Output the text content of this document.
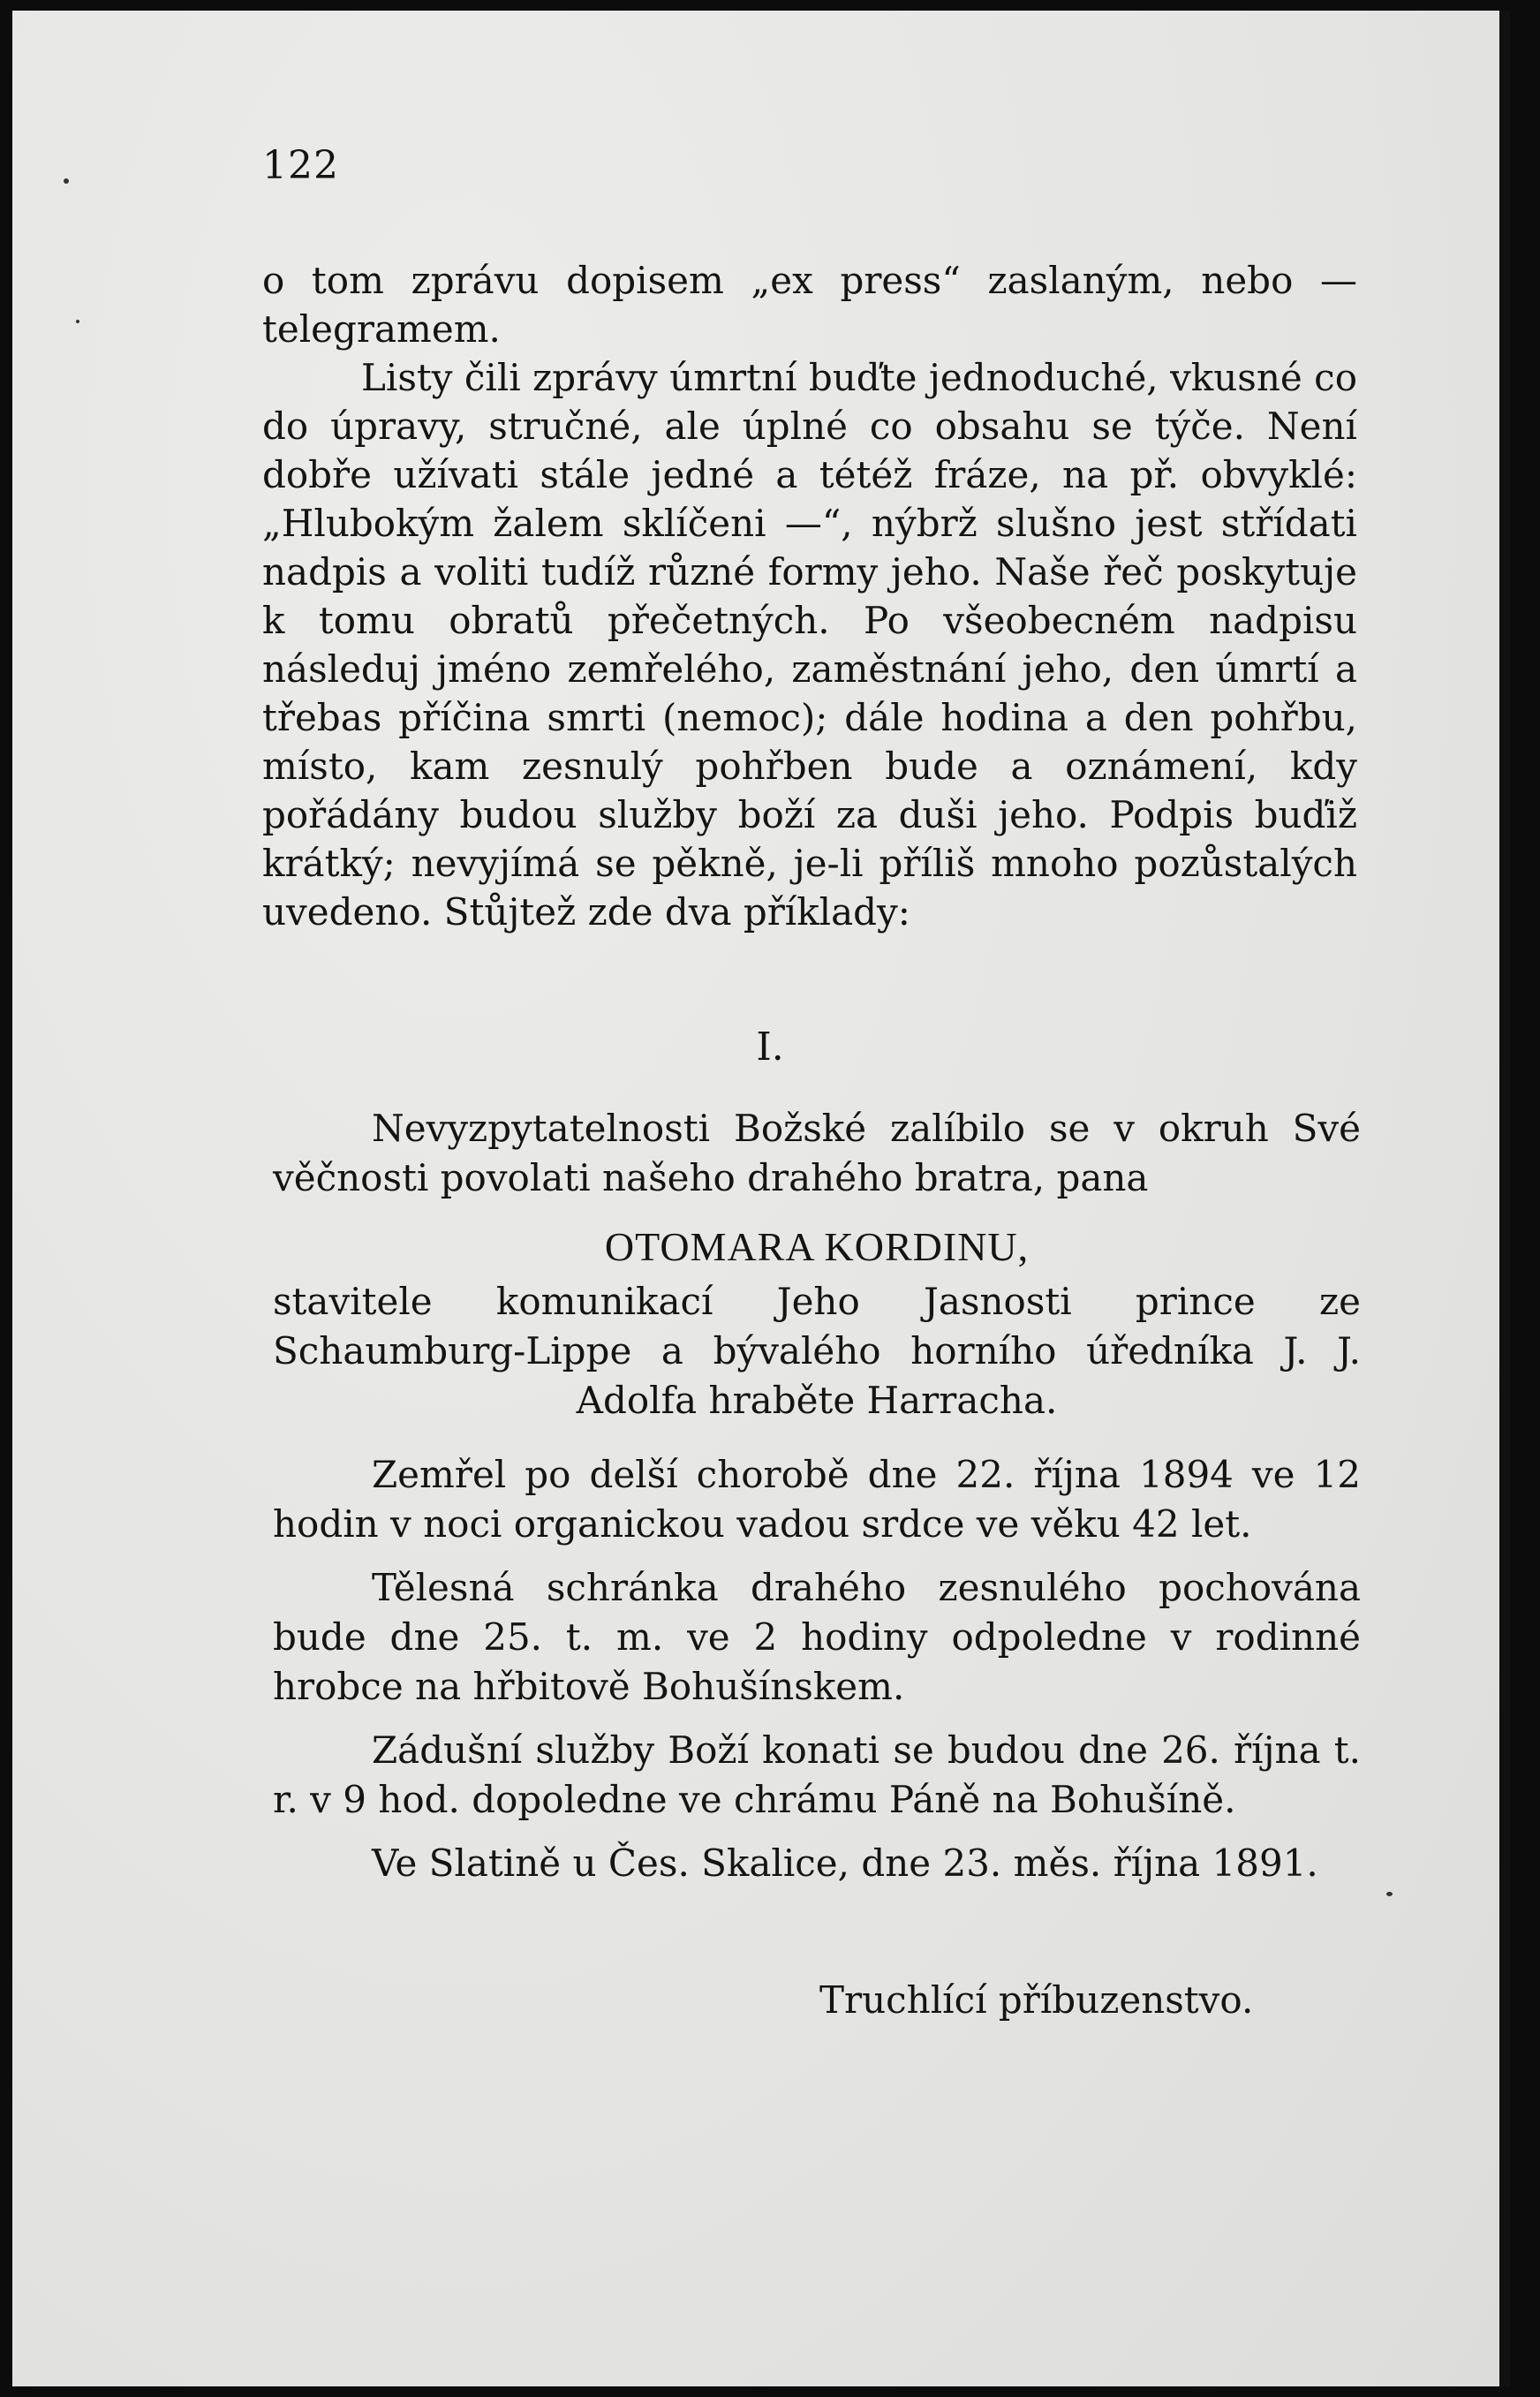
122

o tom zprávu dopisem „ex press“ zaslaným, nebo — telegramem.

Listy čili zprávy úmrtní buďte jednoduché, vkusné co do úpravy, stručné, ale úplné co obsahu se týče. Není dobře užívati stále jedné a tétéž fráze, na př. obvyklé: „Hlubokým žalem sklíčeni —“, nýbrž slušno jest střídati nadpis a voliti tudíž různé formy jeho. Naše řeč poskytuje k tomu obratů přečetných. Po všeobecném nadpisu následuj jméno zemřelého, zaměstnání jeho, den úmrtí a třebas příčina smrti (nemoc); dále hodina a den pohřbu, místo, kam zesnulý pohřben bude a oznámení, kdy pořádány budou služby boží za duši jeho. Podpis buďiž krátký; nevyjímá se pěkně, je-li příliš mnoho pozůstalých uvedeno. Stůjtež zde dva příklady:

I.

Nevyzpytatelnosti Božské zalíbilo se v okruh Své věčnosti povolati našeho drahého bratra, pana

OTOMARA KORDINU,

stavitele komunikací Jeho Jasnosti prince ze Schaumburg-Lippe a bývalého horního úředníka J. J. Adolfa hraběte Harracha.

Zemřel po delší chorobě dne 22. října 1894 ve 12 hodin v noci organickou vadou srdce ve věku 42 let.

Tělesná schránka drahého zesnulého pochována bude dne 25. t. m. ve 2 hodiny odpoledne v rodinné hrobce na hřbitově Bohušínskem.

Zádušní služby Boží konati se budou dne 26. října t. r. v 9 hod. dopoledne ve chrámu Páně na Bohušíně.

Ve Slatině u Čes. Skalice, dne 23. měs. října 1891.

Truchlící příbuzenstvo.
